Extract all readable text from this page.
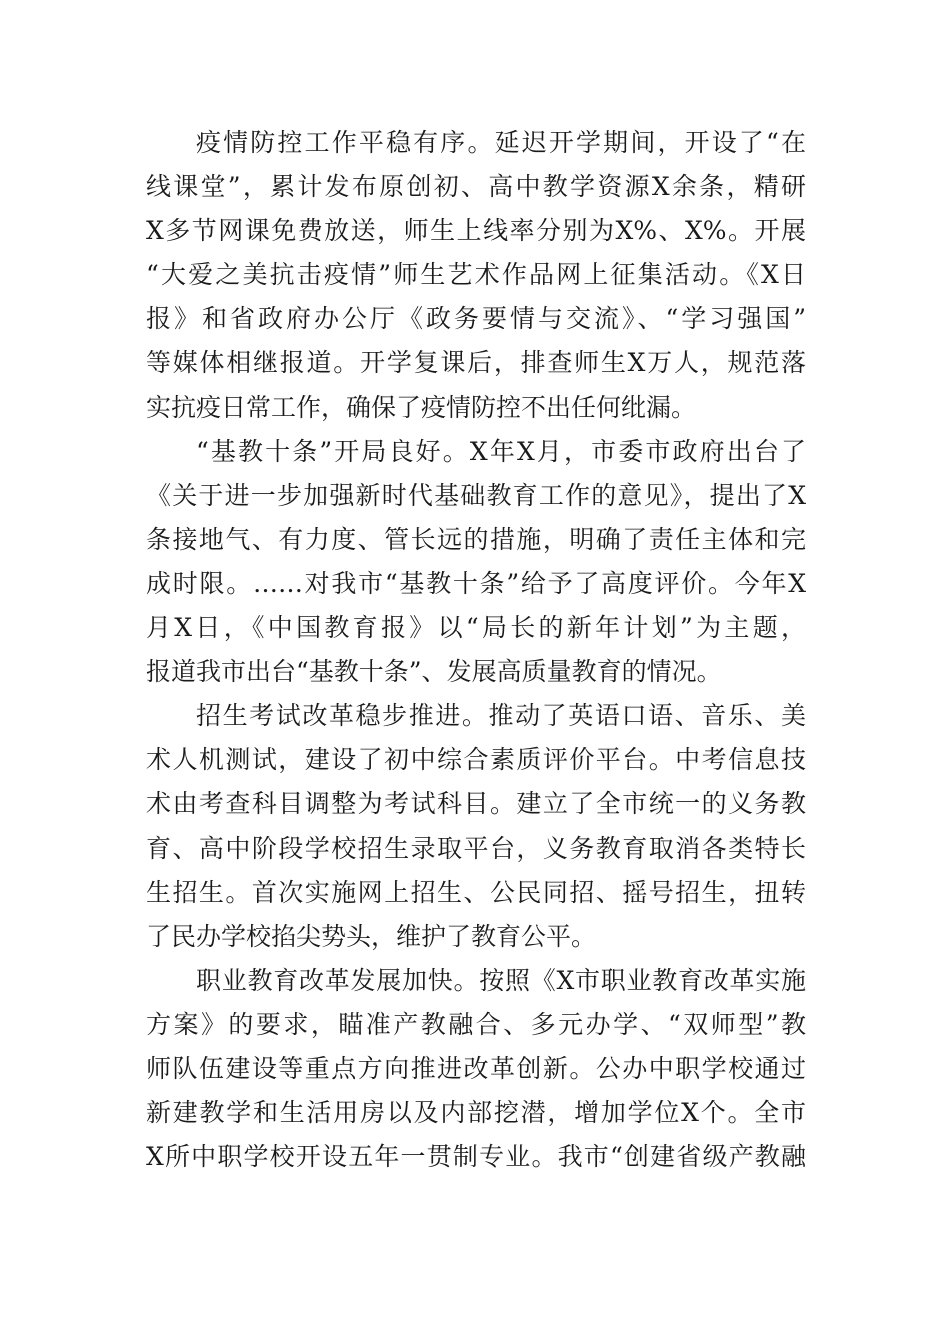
疫情防控工作平稳有序。延迟开学期间，开设了“在
线课堂”，累计发布原创初、高中教学资源X余条，精研
X多节网课免费放送，师生上线率分别为X%、X%。开展
“大爱之美抗击疫情”师生艺术作品网上征集活动。《X日
报》和省政府办公厅《政务要情与交流》、“学习强国”
等媒体相继报道。开学复课后，排查师生X万人，规范落
实抗疫日常工作，确保了疫情防控不出任何纰漏。
“基教十条”开局良好。X年X月，市委市政府出台了
《关于进一步加强新时代基础教育工作的意见》，提出了X
条接地气、有力度、管长远的措施，明确了责任主体和完
成时限。……对我市“基教十条”给予了高度评价。今年X
月X日，《中国教育报》以“局长的新年计划”为主题，
报道我市出台“基教十条”、发展高质量教育的情况。
招生考试改革稳步推进。推动了英语口语、音乐、美
术人机测试，建设了初中综合素质评价平台。中考信息技
术由考查科目调整为考试科目。建立了全市统一的义务教
育、高中阶段学校招生录取平台，义务教育取消各类特长
生招生。首次实施网上招生、公民同招、摇号招生，扭转
了民办学校掐尖势头，维护了教育公平。
职业教育改革发展加快。按照《X市职业教育改革实施
方案》的要求，瞄准产教融合、多元办学、“双师型”教
师队伍建设等重点方向推进改革创新。公办中职学校通过
新建教学和生活用房以及内部挖潜，增加学位X个。全市
X所中职学校开设五年一贯制专业。我市“创建省级产教融
